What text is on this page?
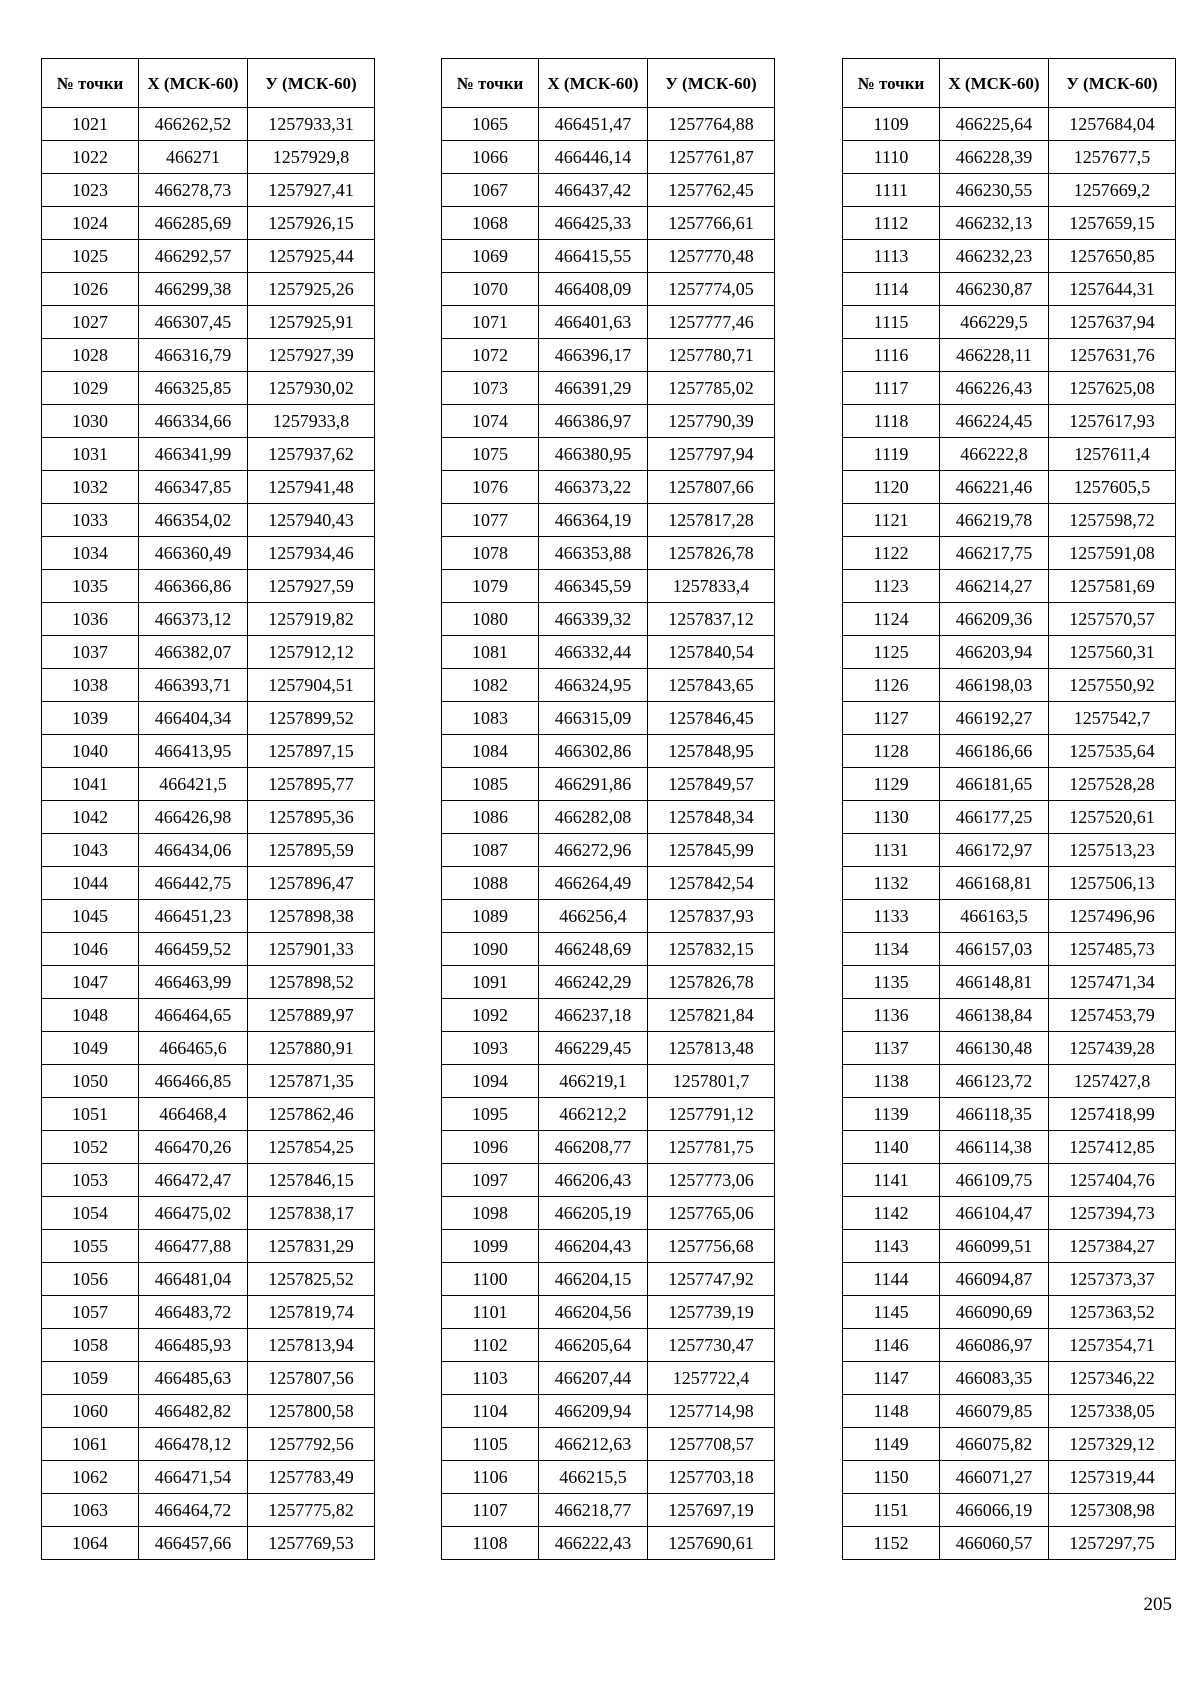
№ точки	Х (МСК-60)	У (МСК-60)
1021	466262,52	1257933,31
1022	466271	1257929,8
1023	466278,73	1257927,41
1024	466285,69	1257926,15
1025	466292,57	1257925,44
1026	466299,38	1257925,26
1027	466307,45	1257925,91
1028	466316,79	1257927,39
1029	466325,85	1257930,02
1030	466334,66	1257933,8
1031	466341,99	1257937,62
1032	466347,85	1257941,48
1033	466354,02	1257940,43
1034	466360,49	1257934,46
1035	466366,86	1257927,59
1036	466373,12	1257919,82
1037	466382,07	1257912,12
1038	466393,71	1257904,51
1039	466404,34	1257899,52
1040	466413,95	1257897,15
1041	466421,5	1257895,77
1042	466426,98	1257895,36
1043	466434,06	1257895,59
1044	466442,75	1257896,47
1045	466451,23	1257898,38
1046	466459,52	1257901,33
1047	466463,99	1257898,52
1048	466464,65	1257889,97
1049	466465,6	1257880,91
1050	466466,85	1257871,35
1051	466468,4	1257862,46
1052	466470,26	1257854,25
1053	466472,47	1257846,15
1054	466475,02	1257838,17
1055	466477,88	1257831,29
1056	466481,04	1257825,52
1057	466483,72	1257819,74
1058	466485,93	1257813,94
1059	466485,63	1257807,56
1060	466482,82	1257800,58
1061	466478,12	1257792,56
1062	466471,54	1257783,49
1063	466464,72	1257775,82
1064	466457,66	1257769,53
№ точки	Х (МСК-60)	У (МСК-60)
1065	466451,47	1257764,88
1066	466446,14	1257761,87
1067	466437,42	1257762,45
1068	466425,33	1257766,61
1069	466415,55	1257770,48
1070	466408,09	1257774,05
1071	466401,63	1257777,46
1072	466396,17	1257780,71
1073	466391,29	1257785,02
1074	466386,97	1257790,39
1075	466380,95	1257797,94
1076	466373,22	1257807,66
1077	466364,19	1257817,28
1078	466353,88	1257826,78
1079	466345,59	1257833,4
1080	466339,32	1257837,12
1081	466332,44	1257840,54
1082	466324,95	1257843,65
1083	466315,09	1257846,45
1084	466302,86	1257848,95
1085	466291,86	1257849,57
1086	466282,08	1257848,34
1087	466272,96	1257845,99
1088	466264,49	1257842,54
1089	466256,4	1257837,93
1090	466248,69	1257832,15
1091	466242,29	1257826,78
1092	466237,18	1257821,84
1093	466229,45	1257813,48
1094	466219,1	1257801,7
1095	466212,2	1257791,12
1096	466208,77	1257781,75
1097	466206,43	1257773,06
1098	466205,19	1257765,06
1099	466204,43	1257756,68
1100	466204,15	1257747,92
1101	466204,56	1257739,19
1102	466205,64	1257730,47
1103	466207,44	1257722,4
1104	466209,94	1257714,98
1105	466212,63	1257708,57
1106	466215,5	1257703,18
1107	466218,77	1257697,19
1108	466222,43	1257690,61
№ точки	Х (МСК-60)	У (МСК-60)
1109	466225,64	1257684,04
1110	466228,39	1257677,5
1111	466230,55	1257669,2
1112	466232,13	1257659,15
1113	466232,23	1257650,85
1114	466230,87	1257644,31
1115	466229,5	1257637,94
1116	466228,11	1257631,76
1117	466226,43	1257625,08
1118	466224,45	1257617,93
1119	466222,8	1257611,4
1120	466221,46	1257605,5
1121	466219,78	1257598,72
1122	466217,75	1257591,08
1123	466214,27	1257581,69
1124	466209,36	1257570,57
1125	466203,94	1257560,31
1126	466198,03	1257550,92
1127	466192,27	1257542,7
1128	466186,66	1257535,64
1129	466181,65	1257528,28
1130	466177,25	1257520,61
1131	466172,97	1257513,23
1132	466168,81	1257506,13
1133	466163,5	1257496,96
1134	466157,03	1257485,73
1135	466148,81	1257471,34
1136	466138,84	1257453,79
1137	466130,48	1257439,28
1138	466123,72	1257427,8
1139	466118,35	1257418,99
1140	466114,38	1257412,85
1141	466109,75	1257404,76
1142	466104,47	1257394,73
1143	466099,51	1257384,27
1144	466094,87	1257373,37
1145	466090,69	1257363,52
1146	466086,97	1257354,71
1147	466083,35	1257346,22
1148	466079,85	1257338,05
1149	466075,82	1257329,12
1150	466071,27	1257319,44
1151	466066,19	1257308,98
1152	466060,57	1257297,75
205
